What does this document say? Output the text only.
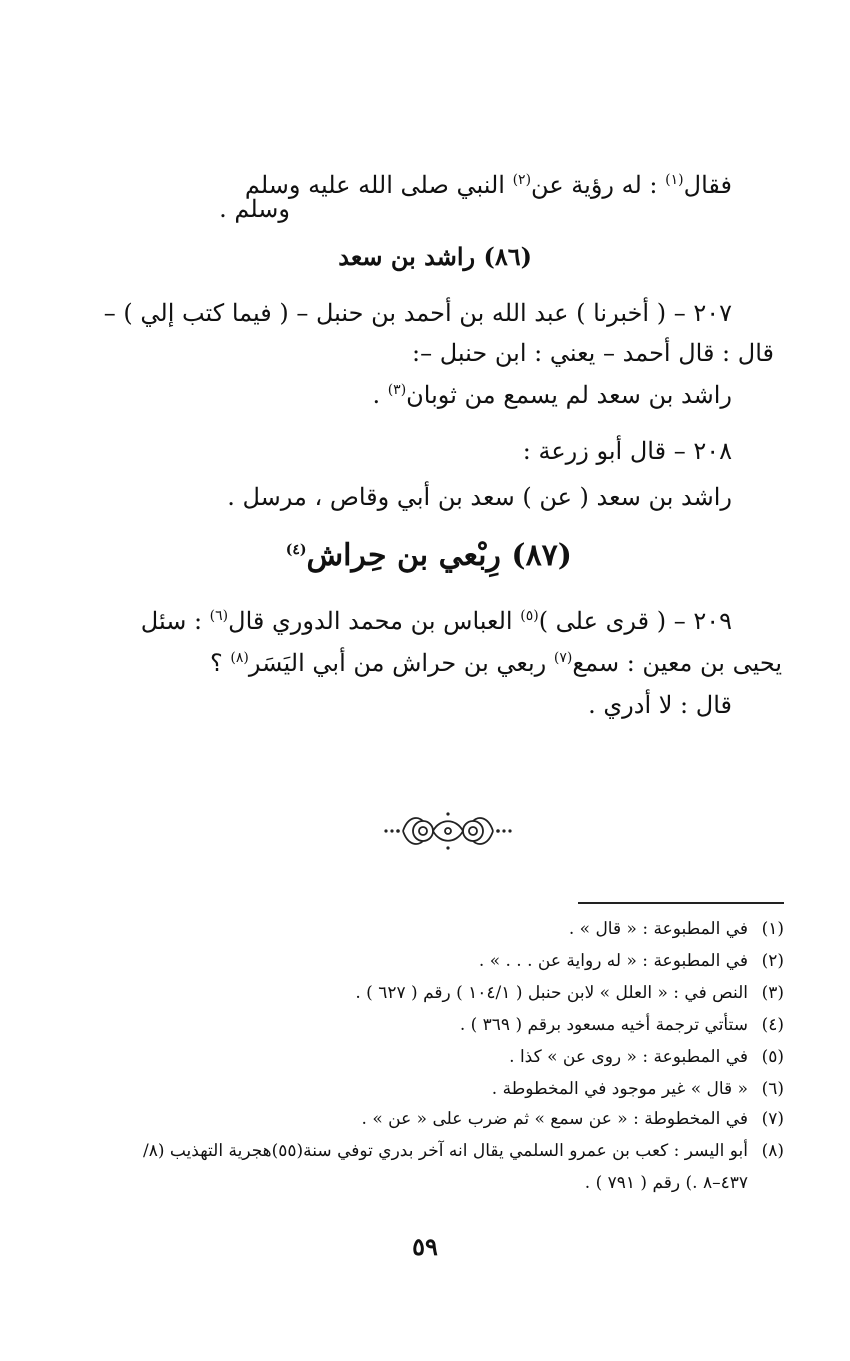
فقال$^{(١)}$ : له رؤية عن$^{(٢)}$ النبي صلى الله عليه وسلم
وسلم .
(٨٦) راشد بن سعد
٢٠٧ – ( أخبرنا ) عبد الله بن أحمد بن حنبل – ( فيما كتب إلي ) –
قال : قال أحمد – يعني : ابن حنبل –:
راشد بن سعد لم يسمع من ثوبان$^{(٣)}$ .
٢٠٨ – قال أبو زرعة :
راشد بن سعد ( عن ) سعد بن أبي وقاص ، مرسل .
(٨٧) رِبْعي بن حِراش$^{(٤)}$
٢٠٩ – ( قرى على )$^{(٥)}$ العباس بن محمد الدوري قال$^{(٦)}$ : سئل
يحيى بن معين : سمع$^{(٧)}$ ربعي بن حراش من أبي اليَسَر$^{(٨)}$ ؟
قال : لا أدري .
(١)في المطبوعة : « قال » .
(٢)في المطبوعة : « له رواية عن . . . » .
(٣)النص في : « العلل » لابن حنبل ( ١٠٤/١ ) رقم ( ٦٢٧ ) .
(٤)ستأتي ترجمة أخيه مسعود برقم ( ٣٦٩ ) .
(٥)في المطبوعة : « روى عن » كذا .
(٦)« قال » غير موجود في المخطوطة .
(٧)في المخطوطة : « عن سمع » ثم ضرب على « عن » .
(٨)أبو اليسر : كعب بن عمرو السلمي يقال انه آخر بدري توفي سنة(٥٥)هجرية التهذيب (٨/
٤٣٧–٨ .) رقم ( ٧٩١ ) .
٥٩
